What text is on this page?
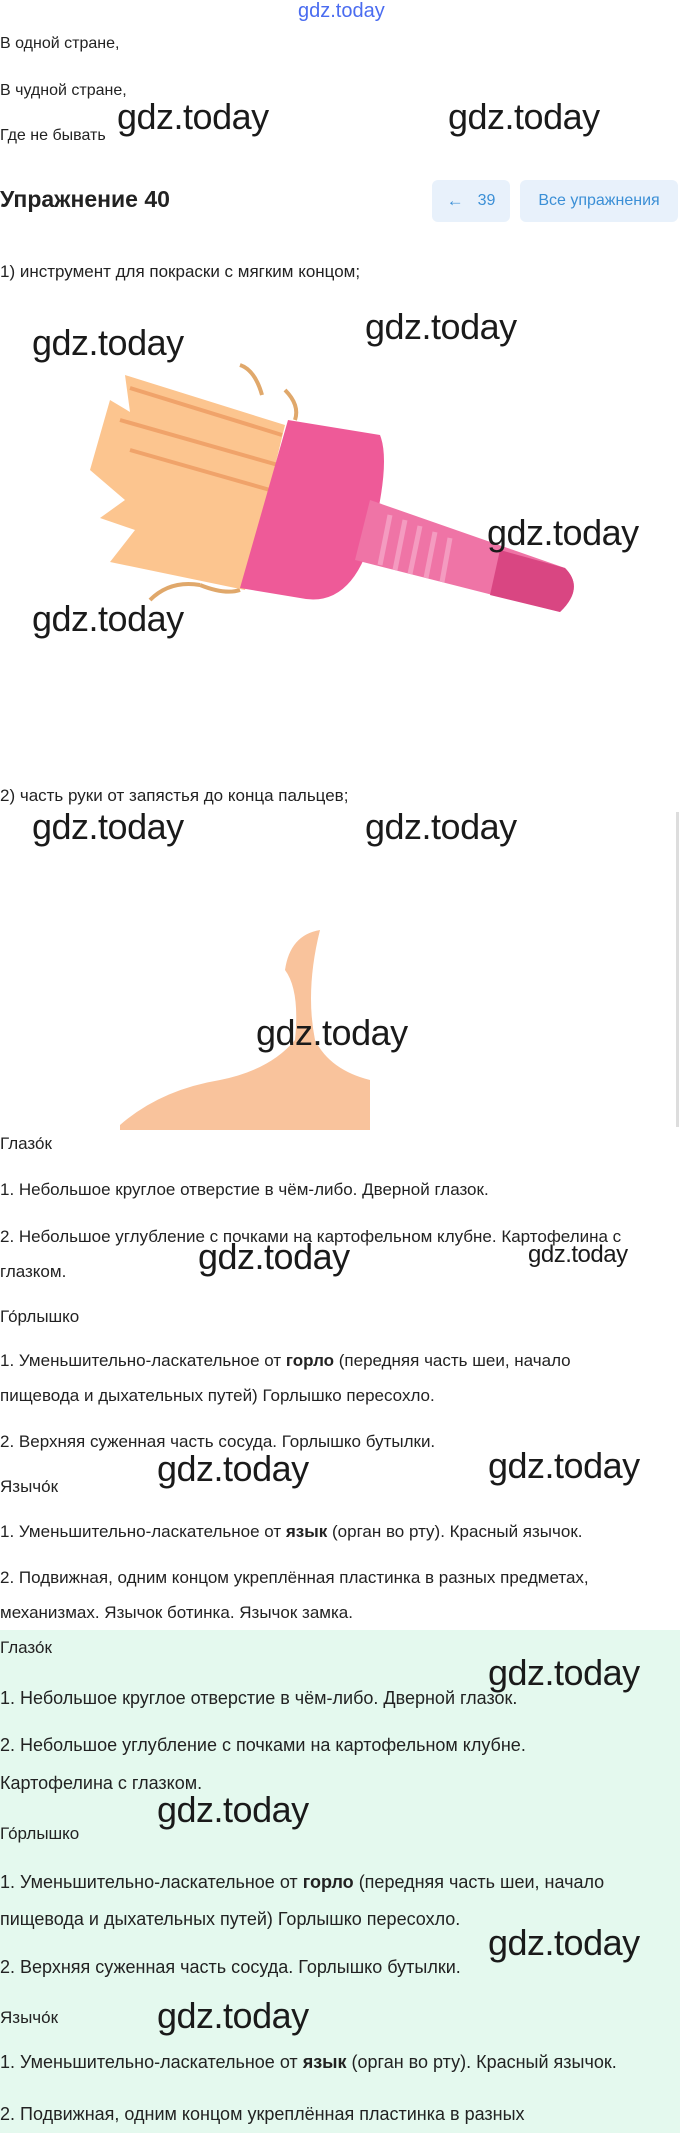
gdz.today
В одной стране,
В чудной стране,
Где не бывать gdz.today	gdz.today
Упражнение 40	← 39	Все упражнения
1) инструмент для покраски с мягким концом;
gdz.today	gdz.today
gdz.today
gdz.today
2) часть руки от запястья до конца пальцев;
gdz.today	gdz.today
gdz.today
Глазо́к
1. Небольшое круглое отверстие в чём-либо. Дверной глазок.
2. Небольшое углубление с почками на картофельном клубне. Картофелина с
глазком.	gdz.today	gdz.today
Го́рлышко
1. Уменьшительно-ласкательное от горло (передняя часть шеи, начало
пищевода и дыхательных путей) Горлышко пересохло.
2. Верхняя суженная часть сосуда. Горлышко бутылки.
gdz.today	gdz.today
Язычо́к
1. Уменьшительно-ласкательное от язык (орган во рту). Красный язычок.
2. Подвижная, одним концом укреплённая пластинка в разных предметах,
механизмах. Язычок ботинка. Язычок замка.
Глазо́к
gdz.today
1. Небольшое круглое отверстие в чём-либо. Дверной глазок.
2. Небольшое углубление с почками на картофельном клубне.
Картофелина с глазком.
gdz.today
Го́рлышко
1. Уменьшительно-ласкательное от горло (передняя часть шеи, начало
пищевода и дыхательных путей) Горлышко пересохло.
gdz.today
2. Верхняя суженная часть сосуда. Горлышко бутылки.
Язычо́к	gdz.today
1. Уменьшительно-ласкательное от язык (орган во рту). Красный язычок.
2. Подвижная, одним концом укреплённая пластинка в разных
